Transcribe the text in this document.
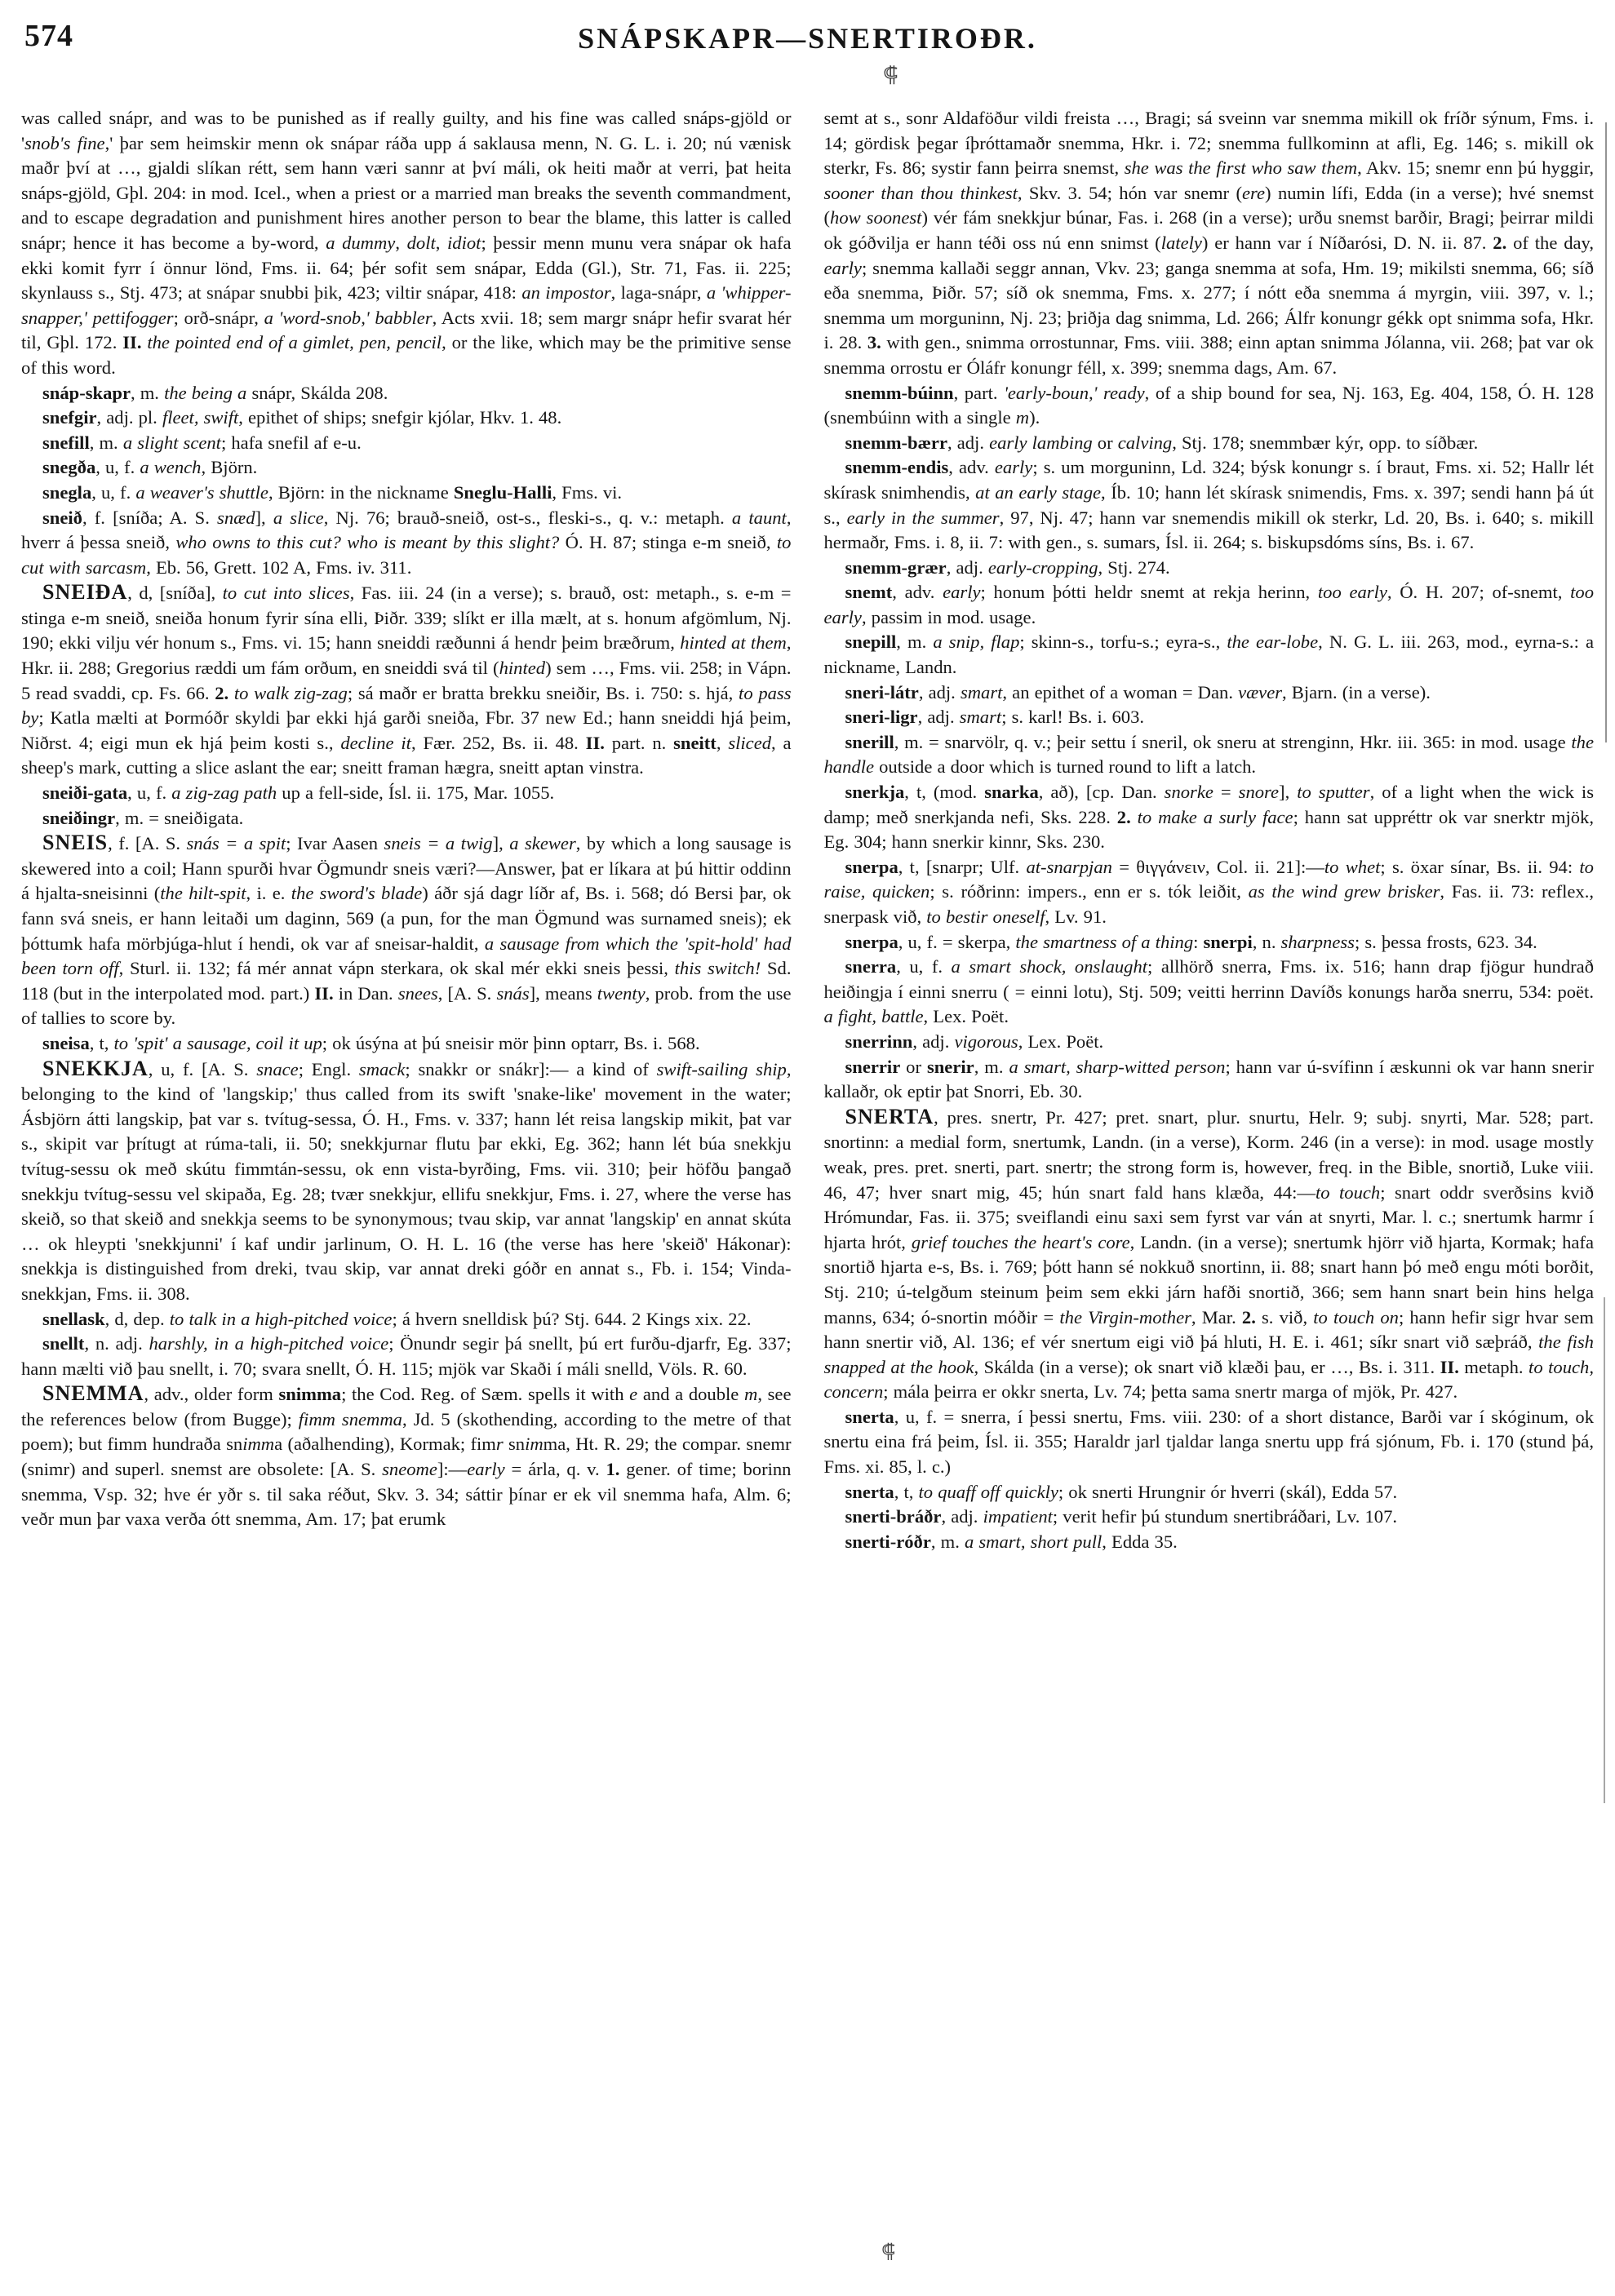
574	SNÁPSKAPR—SNERTIROÐR.

was called snápr, and was to be punished as if really guilty, and his fine was called snáps-gjöld or 'snob's fine,' þar sem heimskir menn ok snápar ráða upp á saklausa menn, N. G. L. i. 20; nú vænisk maðr því at …, gjaldi slíkan rétt, sem hann væri sannr at því máli, ok heiti maðr at verri, þat heita snáps-gjöld, Gþl. 204: in mod. Icel., when a priest or a married man breaks the seventh commandment, and to escape degradation and punishment hires another person to bear the blame, this latter is called snápr; hence it has become a by-word, a dummy, dolt, idiot; þessir menn munu vera snápar ok hafa ekki komit fyrr í önnur lönd, Fms. ii. 64; þér sofit sem snápar, Edda (Gl.), Str. 71, Fas. ii. 225; skynlauss s., Stj. 473; at snápar snubbi þik, 423; viltir snápar, 418: an impostor, laga-snápr, a 'whipper-snapper,' pettifogger; orð-snápr, a 'word-snob,' babbler, Acts xvii. 18; sem margr snápr hefir svarat hér til, Gþl. 172. II. the pointed end of a gimlet, pen, pencil, or the like, which may be the primitive sense of this word.

snáp-skapr, m. the being a snápr, Skálda 208.

snefgir, adj. pl. fleet, swift, epithet of ships; snefgir kjólar, Hkv. 1. 48.

snefill, m. a slight scent; hafa snefil af e-u.

snegða, u, f. a wench, Björn.

snegla, u, f. a weaver's shuttle, Björn: in the nickname Sneglu-Halli, Fms. vi.

sneið, f. [sníða; A. S. snæd], a slice, Nj. 76; brauð-sneið, ost-s., fleski-s., q. v.: metaph. a taunt, hverr á þessa sneið, who owns to this cut? who is meant by this slight? Ó. H. 87; stinga e-m sneið, to cut with sarcasm, Eb. 56, Grett. 102 A, Fms. iv. 311.

SNEIÐA, d, [sníða], to cut into slices, Fas. iii. 24 (in a verse); s. brauð, ost: metaph., s. e-m = stinga e-m sneið, sneiða honum fyrir sína elli, Þiðr. 339; slíkt er illa mælt, at s. honum afgömlum, Nj. 190; ekki vilju vér honum s., Fms. vi. 15; hann sneiddi ræðunni á hendr þeim bræðrum, hinted at them, Hkr. ii. 288; Gregorius ræddi um fám orðum, en sneiddi svá til (hinted) sem …, Fms. vii. 258; in Vápn. 5 read svaddi, cp. Fs. 66. 2. to walk zig-zag; sá maðr er bratta brekku sneiðir, Bs. i. 750: s. hjá, to pass by; Katla mælti at Þormóðr skyldi þar ekki hjá garði sneiða, Fbr. 37 new Ed.; hann sneiddi hjá þeim, Niðrst. 4; eigi mun ek hjá þeim kosti s., decline it, Fær. 252, Bs. ii. 48. II. part. n. sneitt, sliced, a sheep's mark, cutting a slice aslant the ear; sneitt framan hægra, sneitt aptan vinstra.

sneiði-gata, u, f. a zig-zag path up a fell-side, Ísl. ii. 175, Mar. 1055.

sneiðingr, m. = sneiðigata.

SNEIS, f. [A. S. snás = a spit; Ivar Aasen sneis = a twig], a skewer, by which a long sausage is skewered into a coil; Hann spurði hvar Ögmundr sneis væri?—Answer, þat er líkara at þú hittir oddinn á hjalta-sneisinni (the hilt-spit, i. e. the sword's blade) áðr sjá dagr líðr af, Bs. i. 568; dó Bersi þar, ok fann svá sneis, er hann leitaði um daginn, 569 (a pun, for the man Ögmund was surnamed sneis); ek þóttumk hafa mörbjúga-hlut í hendi, ok var af sneisar-haldit, a sausage from which the 'spit-hold' had been torn off, Sturl. ii. 132; fá mér annat vápn sterkara, ok skal mér ekki sneis þessi, this switch! Sd. 118 (but in the interpolated mod. part.) II. in Dan. snees, [A. S. snás], means twenty, prob. from the use of tallies to score by.

sneisa, t, to 'spit' a sausage, coil it up; ok úsýna at þú sneisir mör þinn optarr, Bs. i. 568.

SNEKKJA, u, f. [A. S. snace; Engl. smack; snakkr or snákr]:— a kind of swift-sailing ship, belonging to the kind of 'langskip;' thus called from its swift 'snake-like' movement in the water; Ásbjörn átti langskip, þat var s. tvítug-sessa, Ó. H., Fms. v. 337; hann lét reisa langskip mikit, þat var s., skipit var þrítugt at rúma-tali, ii. 50; snekkjurnar flutu þar ekki, Eg. 362; hann lét búa snekkju tvítug-sessu ok með skútu fimmtán-sessu, ok enn vista-byrðing, Fms. vii. 310; þeir höfðu þangað snekkju tvítug-sessu vel skipaða, Eg. 28; tvær snekkjur, ellifu snekkjur, Fms. i. 27, where the verse has skeið, so that skeið and snekkja seems to be synonymous; tvau skip, var annat 'langskip' en annat skúta … ok hleypti 'snekkjunni' í kaf undir jarlinum, O. H. L. 16 (the verse has here 'skeið' Hákonar): snekkja is distinguished from dreki, tvau skip, var annat dreki góðr en annat s., Fb. i. 154; Vinda-snekkjan, Fms. ii. 308.

snellask, d, dep. to talk in a high-pitched voice; á hvern snelldisk þú? Stj. 644. 2 Kings xix. 22.

snellt, n. adj. harshly, in a high-pitched voice; Önundr segir þá snellt, þú ert furðu-djarfr, Eg. 337; hann mælti við þau snellt, i. 70; svara snellt, Ó. H. 115; mjök var Skaði í máli snelld, Völs. R. 60.

SNEMMA, adv., older form snimma; the Cod. Reg. of Sæm. spells it with e and a double m, see the references below (from Bugge); fimm snemma, Jd. 5 (skothending, according to the metre of that poem); but fimm hundraða snimma (aðalhending), Kormak; fimr snimma, Ht. R. 29; the compar. snemr (snimr) and superl. snemst are obsolete: [A. S. sneome]:—early = árla, q. v. 1. gener. of time; borinn snemma, Vsp. 32; hve ér yðr s. til saka réðut, Skv. 3. 34; sáttir þínar er ek vil snemma hafa, Alm. 6; veðr mun þar vaxa verða ótt snemma, Am. 17; þat erumk

semt at s., sonr Aldaföður vildi freista …, Bragi; sá sveinn var snemma mikill ok fríðr sýnum, Fms. i. 14; gördisk þegar íþróttamaðr snemma, Hkr. i. 72; snemma fullkominn at afli, Eg. 146; s. mikill ok sterkr, Fs. 86; systir fann þeirra snemst, she was the first who saw them, Akv. 15; snemr enn þú hyggir, sooner than thou thinkest, Skv. 3. 54; hón var snemr (ere) numin lífi, Edda (in a verse); hvé snemst (how soonest) vér fám snekkjur búnar, Fas. i. 268 (in a verse); urðu snemst barðir, Bragi; þeirrar mildi ok góðvilja er hann téði oss nú enn snimst (lately) er hann var í Níðarósi, D. N. ii. 87. 2. of the day, early; snemma kallaði seggr annan, Vkv. 23; ganga snemma at sofa, Hm. 19; mikilsti snemma, 66; síð eða snemma, Þiðr. 57; síð ok snemma, Fms. x. 277; í nótt eða snemma á myrgin, viii. 397, v. l.; snemma um morguninn, Nj. 23; þriðja dag snimma, Ld. 266; Álfr konungr gékk opt snimma sofa, Hkr. i. 28. 3. with gen., snimma orrostunnar, Fms. viii. 388; einn aptan snimma Jólanna, vii. 268; þat var ok snemma orrostu er Óláfr konungr féll, x. 399; snemma dags, Am. 67.

snemm-búinn, part. 'early-boun,' ready, of a ship bound for sea, Nj. 163, Eg. 404, 158, Ó. H. 128 (snembúinn with a single m).

snemm-bærr, adj. early lambing or calving, Stj. 178; snemmbær kýr, opp. to síðbær.

snemm-endis, adv. early; s. um morguninn, Ld. 324; býsk konungr s. í braut, Fms. xi. 52; Hallr lét skírask snimhendis, at an early stage, Íb. 10; hann lét skírask snimendis, Fms. x. 397; sendi hann þá út s., early in the summer, 97, Nj. 47; hann var snemendis mikill ok sterkr, Ld. 20, Bs. i. 640; s. mikill hermaðr, Fms. i. 8, ii. 7: with gen., s. sumars, Ísl. ii. 264; s. biskupsdóms síns, Bs. i. 67.

snemm-grær, adj. early-cropping, Stj. 274.

snemt, adv. early; honum þótti heldr snemt at rekja herinn, too early, Ó. H. 207; of-snemt, too early, passim in mod. usage.

snepill, m. a snip, flap; skinn-s., torfu-s.; eyra-s., the ear-lobe, N. G. L. iii. 263, mod., eyrna-s.: a nickname, Landn.

sneri-látr, adj. smart, an epithet of a woman = Dan. væver, Bjarn. (in a verse).

sneri-ligr, adj. smart; s. karl! Bs. i. 603.

snerill, m. = snarvölr, q. v.; þeir settu í sneril, ok sneru at strenginn, Hkr. iii. 365: in mod. usage the handle outside a door which is turned round to lift a latch.

snerkja, t, (mod. snarka, að), [cp. Dan. snorke = snore], to sputter, of a light when the wick is damp; með snerkjanda nefi, Sks. 228. 2. to make a surly face; hann sat uppréttr ok var snerktr mjök, Eg. 304; hann snerkir kinnr, Sks. 230.

snerpa, t, [snarpr; Ulf. at-snarpjan = θιγγάνειν, Col. ii. 21]:—to whet; s. öxar sínar, Bs. ii. 94: to raise, quicken; s. róðrinn: impers., enn er s. tók leiðit, as the wind grew brisker, Fas. ii. 73: reflex., snerpask við, to bestir oneself, Lv. 91.

snerpa, u, f. = skerpa, the smartness of a thing: snerpi, n. sharpness; s. þessa frosts, 623. 34.

snerra, u, f. a smart shock, onslaught; allhörð snerra, Fms. ix. 516; hann drap fjögur hundrað heiðingja í einni snerru ( = einni lotu), Stj. 509; veitti herrinn Davíðs konungs harða snerru, 534: poët. a fight, battle, Lex. Poët.

snerrinn, adj. vigorous, Lex. Poët.

snerrir or snerir, m. a smart, sharp-witted person; hann var ú-svífinn í æskunni ok var hann snerir kallaðr, ok eptir þat Snorri, Eb. 30.

SNERTA, pres. snertr, Pr. 427; pret. snart, plur. snurtu, Helr. 9; subj. snyrti, Mar. 528; part. snortinn: a medial form, snertumk, Landn. (in a verse), Korm. 246 (in a verse): in mod. usage mostly weak, pres. pret. snerti, part. snertr; the strong form is, however, freq. in the Bible, snortið, Luke viii. 46, 47; hver snart mig, 45; hún snart fald hans klæða, 44:—to touch; snart oddr sverðsins kvið Hrómundar, Fas. ii. 375; sveiflandi einu saxi sem fyrst var ván at snyrti, Mar. l. c.; snertumk harmr í hjarta hrót, grief touches the heart's core, Landn. (in a verse); snertumk hjörr við hjarta, Kormak; hafa snortið hjarta e-s, Bs. i. 769; þótt hann sé nokkuð snortinn, ii. 88; snart hann þó með engu móti borðit, Stj. 210; ú-telgðum steinum þeim sem ekki járn hafði snortið, 366; sem hann snart bein hins helga manns, 634; ó-snortin móðir = the Virgin-mother, Mar. 2. s. við, to touch on; hann hefir sigr hvar sem hann snertir við, Al. 136; ef vér snertum eigi við þá hluti, H. E. i. 461; síkr snart við sæþráð, the fish snapped at the hook, Skálda (in a verse); ok snart við klæði þau, er …, Bs. i. 311. II. metaph. to touch, concern; mála þeirra er okkr snerta, Lv. 74; þetta sama snertr marga of mjök, Pr. 427.

snerta, u, f. = snerra, í þessi snertu, Fms. viii. 230: of a short distance, Barði var í skóginum, ok snertu eina frá þeim, Ísl. ii. 355; Haraldr jarl tjaldar langa snertu upp frá sjónum, Fb. i. 170 (stund þá, Fms. xi. 85, l. c.)

snerta, t, to quaff off quickly; ok snerti Hrungnir ór hverri (skál), Edda 57.

snerti-bráðr, adj. impatient; verit hefir þú stundum snertibráðari, Lv. 107.

snerti-róðr, m. a smart, short pull, Edda 35.

⸿
⸿
